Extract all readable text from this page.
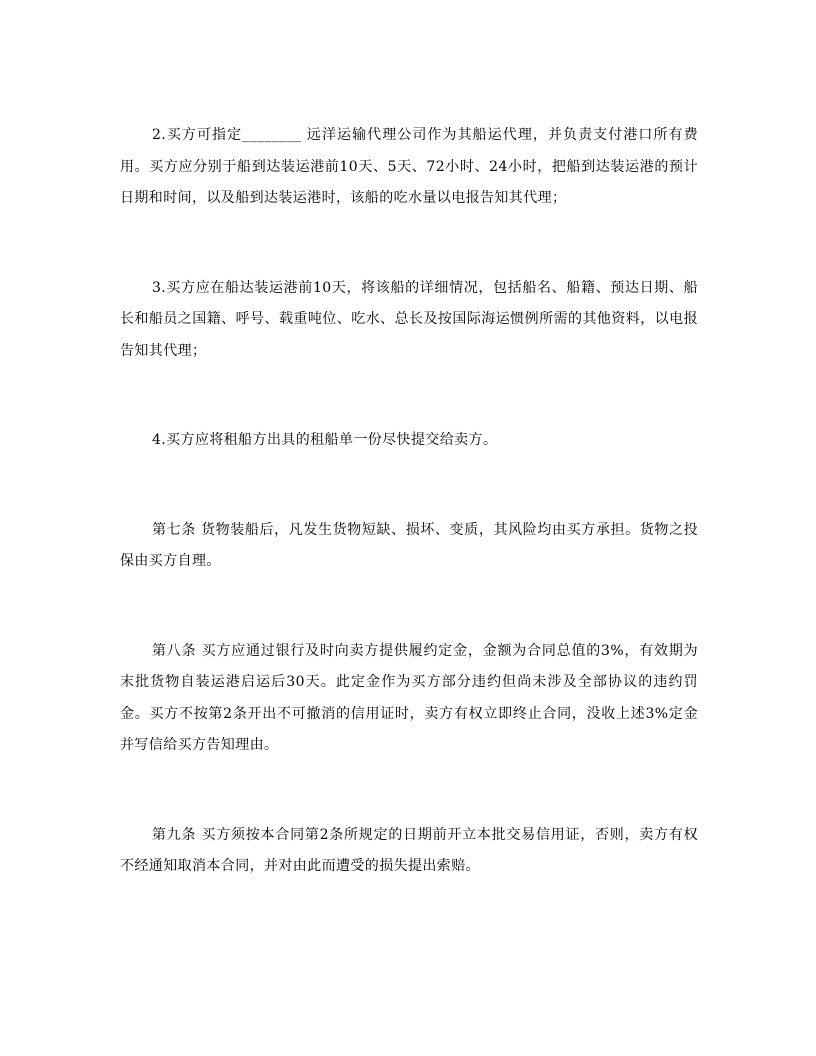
2.买方可指定________ 远洋运输代理公司作为其船运代理，并负责支付港口所有费用。买方应分别于船到达装运港前10天、5天、72小时、24小时，把船到达装运港的预计日期和时间，以及船到达装运港时，该船的吃水量以电报告知其代理；

3.买方应在船达装运港前10天，将该船的详细情况，包括船名、船籍、预达日期、船长和船员之国籍、呼号、载重吨位、吃水、总长及按国际海运惯例所需的其他资料，以电报告知其代理；

4.买方应将租船方出具的租船单一份尽快提交给卖方。

第七条 货物装船后，凡发生货物短缺、损坏、变质，其风险均由买方承担。货物之投保由买方自理。

第八条 买方应通过银行及时向卖方提供履约定金，金额为合同总值的3%，有效期为末批货物自装运港启运后30天。此定金作为买方部分违约但尚未涉及全部协议的违约罚金。买方不按第2条开出不可撤消的信用证时，卖方有权立即终止合同，没收上述3%定金并写信给买方告知理由。

第九条 买方须按本合同第2条所规定的日期前开立本批交易信用证，否则，卖方有权不经通知取消本合同，并对由此而遭受的损失提出索赔。
